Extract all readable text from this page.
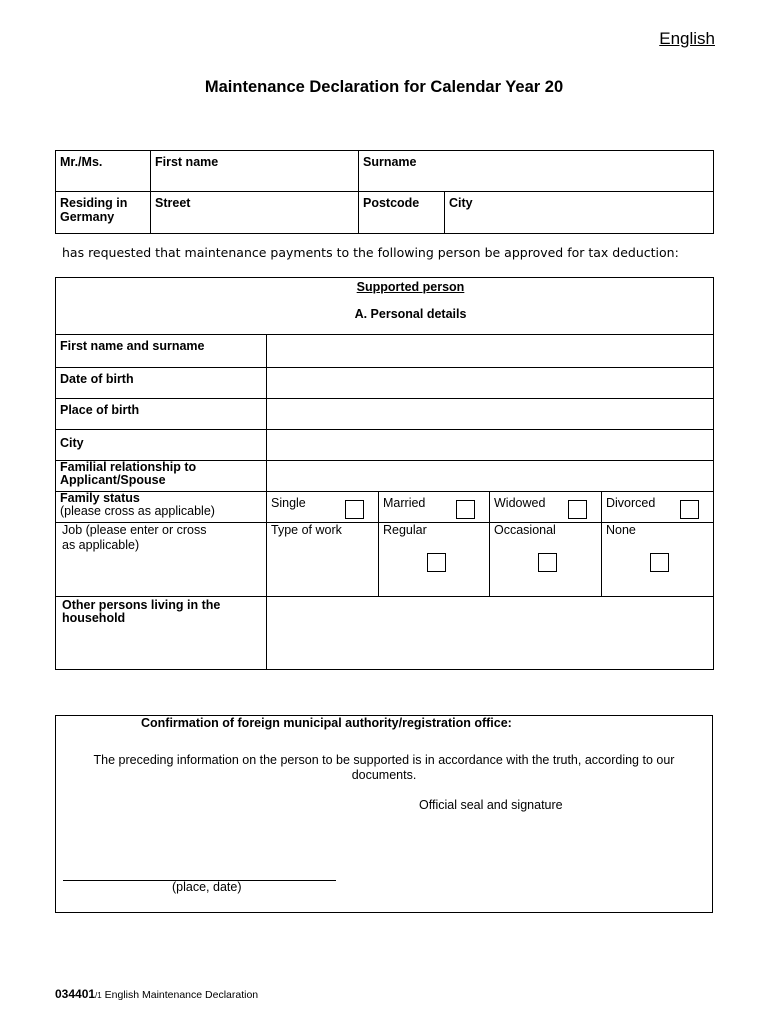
English
Maintenance Declaration for Calendar Year 20
Mr./Ms.	First name	Surname	

Residing in Germany	Street	Postcode	City
has requested that maintenance payments to the following person be approved for tax deduction:
Supported person
A. Personal details				

First name and surname				

Date of birth				

Place of birth				

City				

Familial relationship to Applicant/Spouse				

Family status
(please cross as applicable)	Single	Married	Widowed	Divorced

Job (please enter or cross as applicable)	Type of work	Regular	Occasional	None

Other persons living in the household				

Confirmation of foreign municipal authority/registration office:
The preceding information on the person to be supported is in accordance with the truth, according to our documents.
Official seal and signature
(place, date)
034401/1 English Maintenance Declaration
